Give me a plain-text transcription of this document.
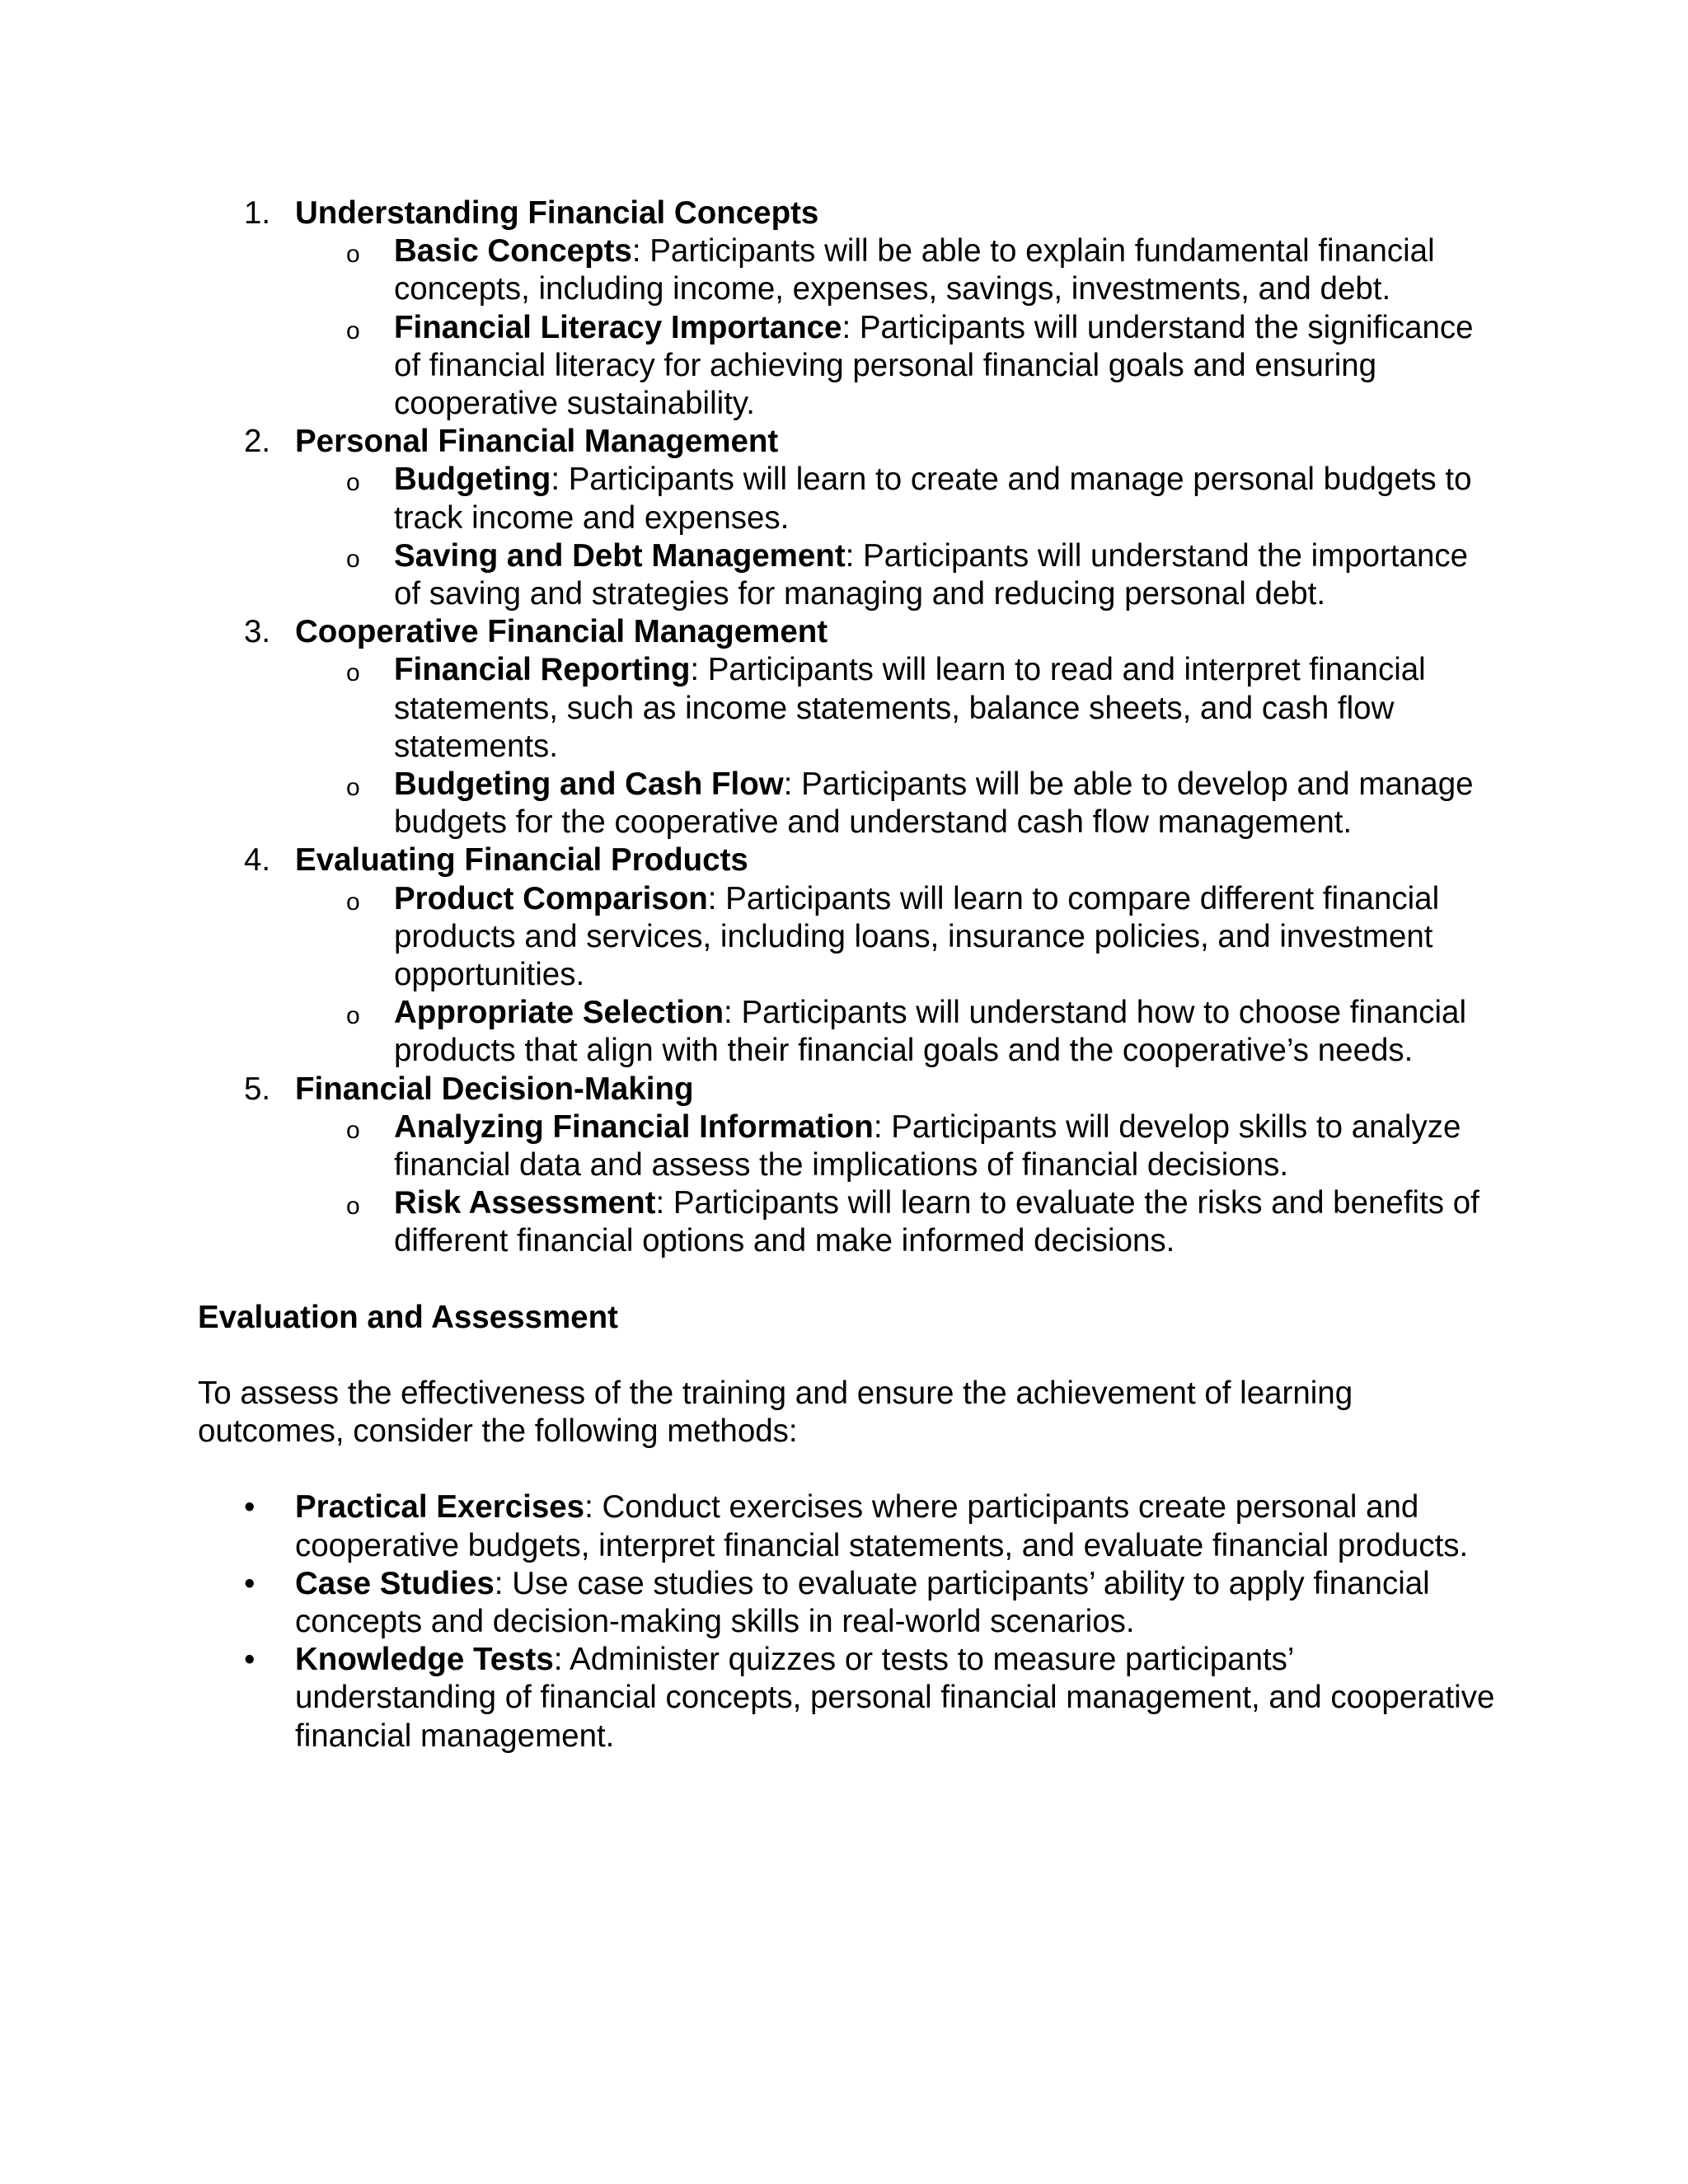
1. Understanding Financial Concepts
o Basic Concepts: Participants will be able to explain fundamental financial concepts, including income, expenses, savings, investments, and debt.
o Financial Literacy Importance: Participants will understand the significance of financial literacy for achieving personal financial goals and ensuring cooperative sustainability.
2. Personal Financial Management
o Budgeting: Participants will learn to create and manage personal budgets to track income and expenses.
o Saving and Debt Management: Participants will understand the importance of saving and strategies for managing and reducing personal debt.
3. Cooperative Financial Management
o Financial Reporting: Participants will learn to read and interpret financial statements, such as income statements, balance sheets, and cash flow statements.
o Budgeting and Cash Flow: Participants will be able to develop and manage budgets for the cooperative and understand cash flow management.
4. Evaluating Financial Products
o Product Comparison: Participants will learn to compare different financial products and services, including loans, insurance policies, and investment opportunities.
o Appropriate Selection: Participants will understand how to choose financial products that align with their financial goals and the cooperative’s needs.
5. Financial Decision-Making
o Analyzing Financial Information: Participants will develop skills to analyze financial data and assess the implications of financial decisions.
o Risk Assessment: Participants will learn to evaluate the risks and benefits of different financial options and make informed decisions.
Evaluation and Assessment
To assess the effectiveness of the training and ensure the achievement of learning outcomes, consider the following methods:
• Practical Exercises: Conduct exercises where participants create personal and cooperative budgets, interpret financial statements, and evaluate financial products.
• Case Studies: Use case studies to evaluate participants’ ability to apply financial concepts and decision-making skills in real-world scenarios.
• Knowledge Tests: Administer quizzes or tests to measure participants’ understanding of financial concepts, personal financial management, and cooperative financial management.
